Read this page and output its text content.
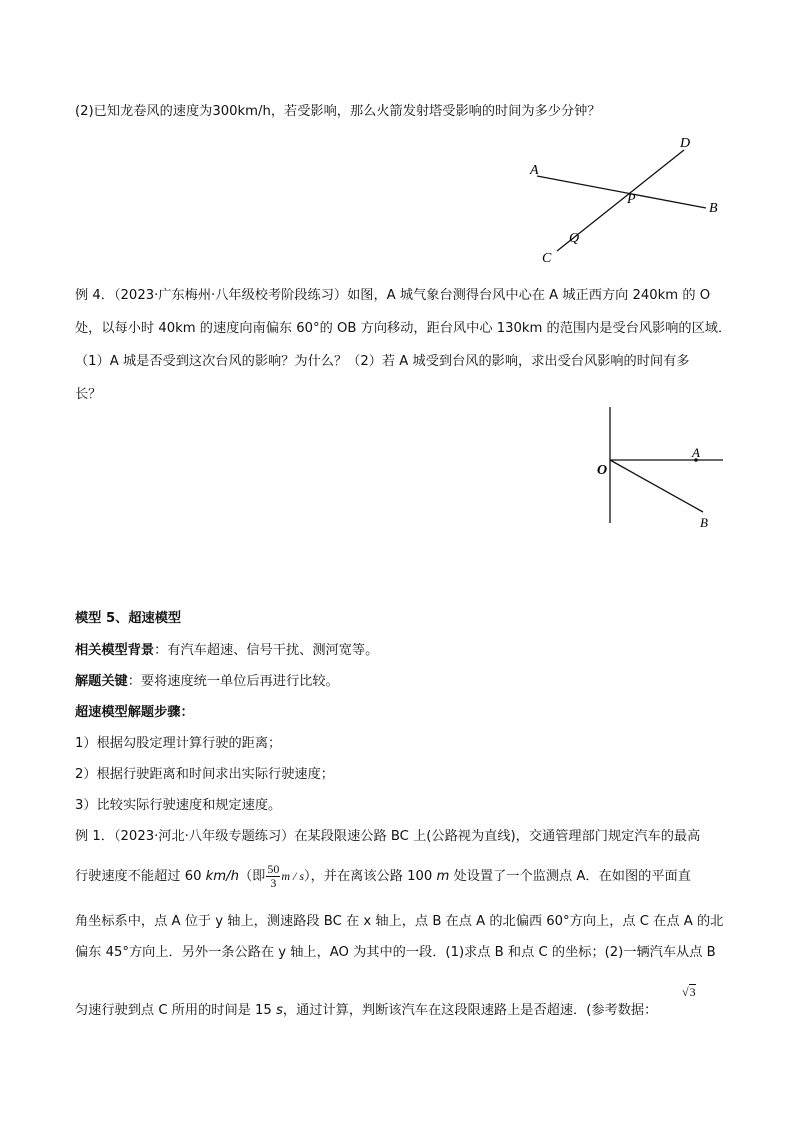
(2)已知龙卷风的速度为300km/h，若受影响，那么火箭发射塔受影响的时间为多少分钟？
D
A
P
B
Q
C
例 4．（2023·广东梅州·八年级校考阶段练习）如图，A 城气象台测得台风中心在 A 城正西方向 240km 的 O
处，以每小时 40km 的速度向南偏东 60°的 OB 方向移动，距台风中心 130km 的范围内是受台风影响的区域．
（1）A 城是否受到这次台风的影响？为什么？（2）若 A 城受到台风的影响，求出受台风影响的时间有多
长？
O
A
B
模型 5、超速模型
相关模型背景：有汽车超速、信号干扰、测河宽等。
解题关键：要将速度统一单位后再进行比较。
超速模型解题步骤：
1）根据勾股定理计算行驶的距离；
2）根据行驶距离和时间求出实际行驶速度；
3）比较实际行驶速度和规定速度。
例 1．（2023·河北·八年级专题练习）在某段限速公路 BC 上(公路视为直线)，交通管理部门规定汽车的最高
行驶速度不能超过 60 km/h（即 $\frac{50}{3}$ m / s），并在离该公路 100 m 处设置了一个监测点 A．在如图的平面直
角坐标系中，点 A 位于 y 轴上，测速路段 BC 在 x 轴上，点 B 在点 A 的北偏西 60°方向上，点 C 在点 A 的北
偏东 45°方向上．另外一条公路在 y 轴上，AO 为其中的一段．(1)求点 B 和点 C 的坐标；(2)一辆汽车从点 B
匀速行驶到点 C 所用的时间是 15 s，通过计算，判断该汽车在这段限速路上是否超速．(参考数据：
√3
